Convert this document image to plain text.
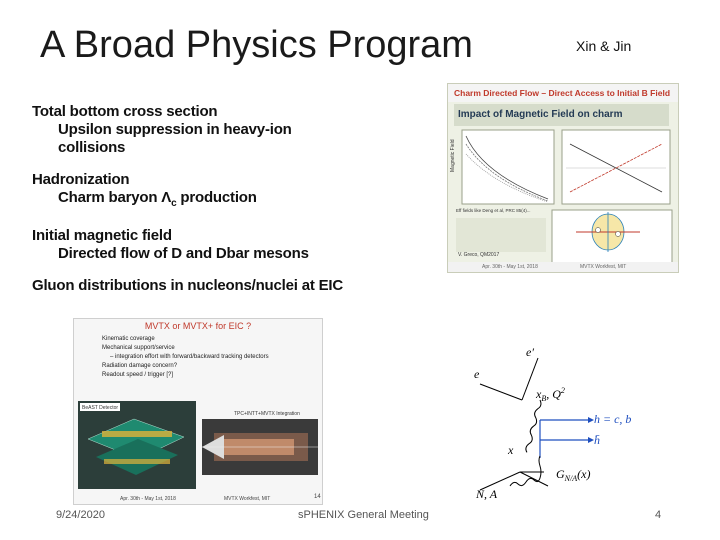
A Broad Physics Program	Xin & Jin
Total bottom cross section
Upsilon suppression in heavy-ion collisions
Hadronization
Charm baryon $\Lambda_c$ production
Initial magnetic field
Directed flow of D and Dbar mesons
Gluon distributions in nucleons/nuclei at EIC
Charm Directed Flow – Direct Access to Initial B Field
Impact of Magnetic Field on charm
Magnetic Field
Eff fields like Deng et al, PRC 85(4)...
V. Greco, QM2017
Apr. 30th - May 1st, 2018	MVTX Workfest, MIT
MVTX or MVTX+ for EIC ?
Kinematic coverage
Mechanical support/service
– integration effort with forward/backward tracking detectors
Radiation damage concern?
Readout speed / trigger [?]
BeAST Detector
TPC+INTT+MVTX Integration
Apr. 30th - May 1st, 2018	MVTX Workfest, MIT	14
e
e′
$x_B$, $Q^2$
h = c, b
h̄
x
$G_{N/A}(x)$
N, A
9/24/2020	sPHENIX General Meeting	4
